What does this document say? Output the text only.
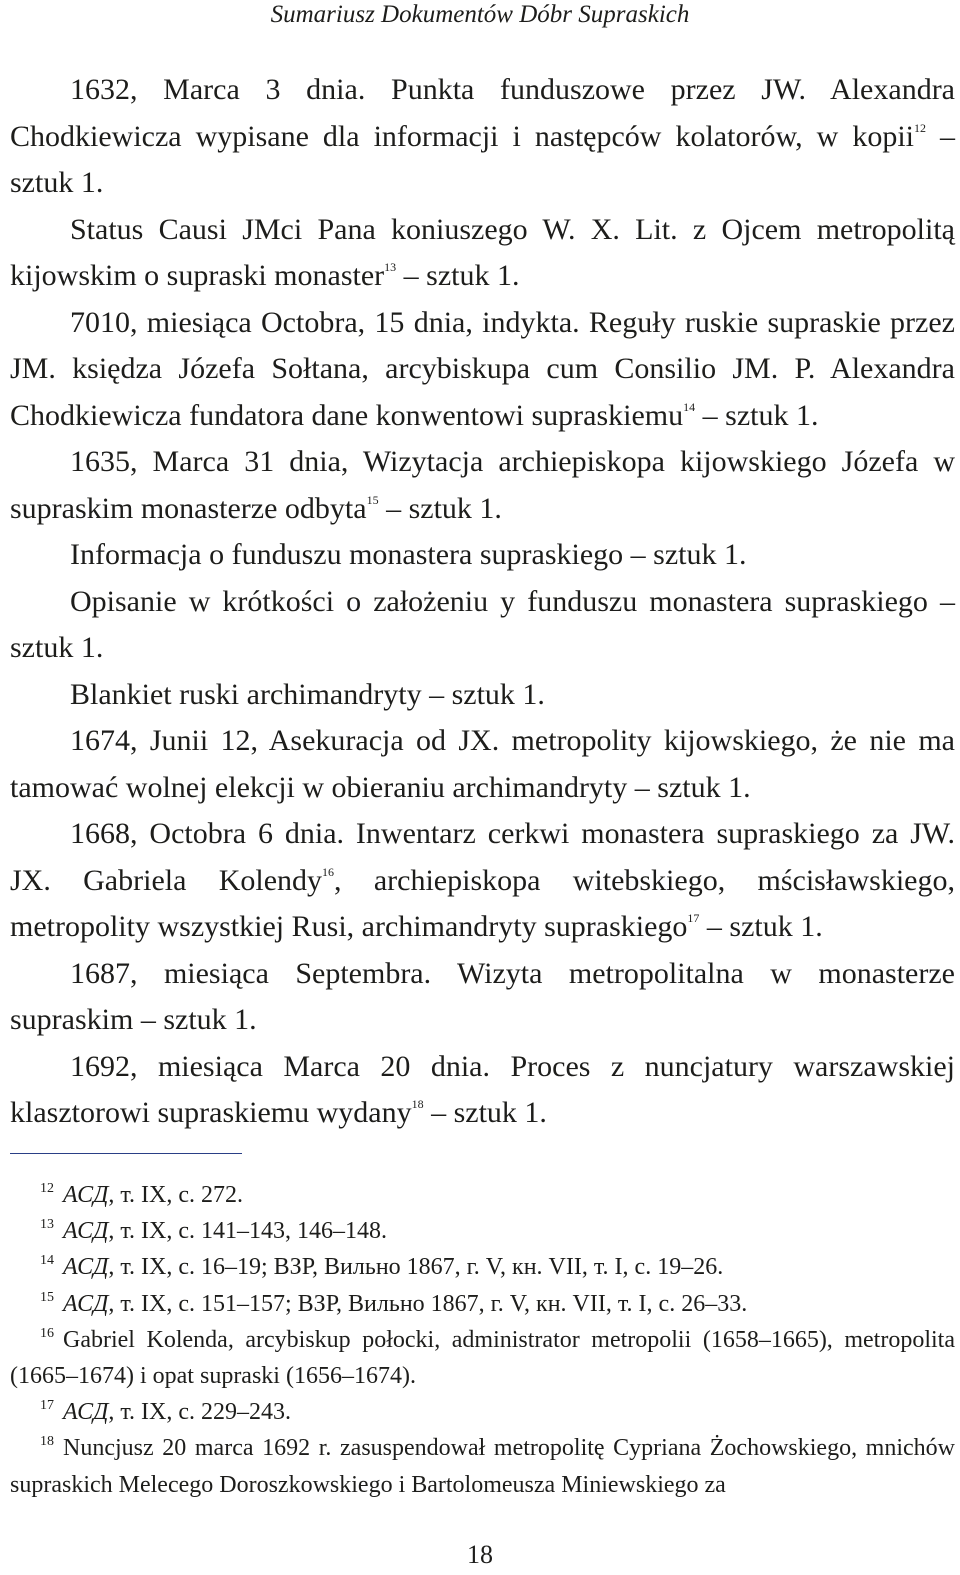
Sumariusz Dokumentów Dóbr Supraskich

1632, Marca 3 dnia. Punkta funduszowe przez JW. Alexandra Chodkiewicza wypisane dla informacji i następców kolatorów, w kopii$^{12}$ – sztuk 1.

Status Causi JMci Pana koniuszego W. X. Lit. z Ojcem metropolitą kijowskim o supraski monaster$^{13}$ – sztuk 1.

7010, miesiąca Octobra, 15 dnia, indykta. Reguły ruskie supraskie przez JM. księdza Józefa Sołtana, arcybiskupa cum Consilio JM. P. Alexandra Chodkiewicza fundatora dane konwentowi supraskiemu$^{14}$ – sztuk 1.

1635, Marca 31 dnia, Wizytacja archiepiskopa kijowskiego Józefa w supraskim monasterze odbyta$^{15}$ – sztuk 1.

Informacja o funduszu monastera supraskiego – sztuk 1.

Opisanie w krótkości o założeniu y funduszu monastera supraskiego – sztuk 1.

Blankiet ruski archimandryty – sztuk 1.

1674, Junii 12, Asekuracja od JX. metropolity kijowskiego, że nie ma tamować wolnej elekcji w obieraniu archimandryty – sztuk 1.

1668, Octobra 6 dnia. Inwentarz cerkwi monastera supraskiego za JW. JX. Gabriela Kolendy$^{16}$, archiepiskopa witebskiego, mścisławskiego, metropolity wszystkiej Rusi, archimandryty supraskiego$^{17}$ – sztuk 1.

1687, miesiąca Septembra. Wizyta metropolitalna w monasterze supraskim – sztuk 1.

1692, miesiąca Marca 20 dnia. Proces z nuncjatury warszawskiej klasztorowi supraskiemu wydany$^{18}$ – sztuk 1.

$^{12}$ АСД, т. IX, с. 272.

$^{13}$ АСД, т. IX, с. 141–143, 146–148.

$^{14}$ АСД, т. IX, с. 16–19; ВЗР, Вильно 1867, г. V, кн. VII, т. I, с. 19–26.

$^{15}$ АСД, т. IX, с. 151–157; ВЗР, Вильно 1867, г. V, кн. VII, т. I, с. 26–33.

$^{16}$ Gabriel Kolenda, arcybiskup połocki, administrator metropolii (1658–1665), metropolita (1665–1674) i opat supraski (1656–1674).

$^{17}$ АСД, т. IX, с. 229–243.

$^{18}$ Nuncjusz 20 marca 1692 r. zasuspendował metropolitę Cypriana Żochowskiego, mnichów supraskich Melecego Doroszkowskiego i Bartolomeusza Miniewskiego za

18
